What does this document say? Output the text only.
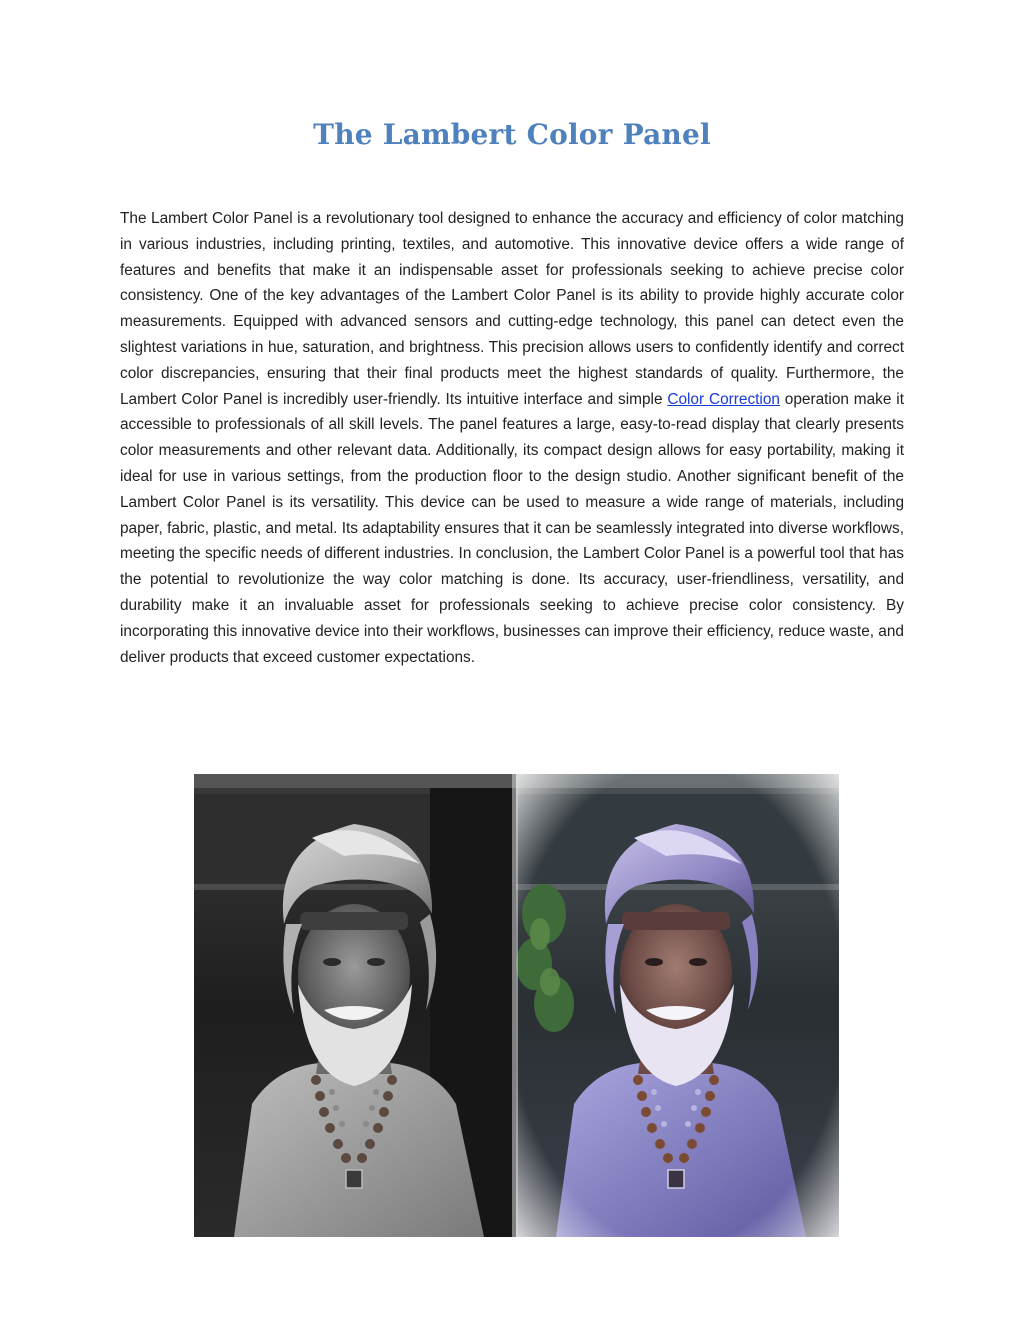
The Lambert Color Panel

The Lambert Color Panel is a revolutionary tool designed to enhance the accuracy and efficiency of color matching in various industries, including printing, textiles, and automotive. This innovative device offers a wide range of features and benefits that make it an indispensable asset for professionals seeking to achieve precise color consistency. One of the key advantages of the Lambert Color Panel is its ability to provide highly accurate color measurements. Equipped with advanced sensors and cutting-edge technology, this panel can detect even the slightest variations in hue, saturation, and brightness. This precision allows users to confidently identify and correct color discrepancies, ensuring that their final products meet the highest standards of quality. Furthermore, the Lambert Color Panel is incredibly user-friendly. Its intuitive interface and simple Color Correction operation make it accessible to professionals of all skill levels. The panel features a large, easy-to-read display that clearly presents color measurements and other relevant data. Additionally, its compact design allows for easy portability, making it ideal for use in various settings, from the production floor to the design studio. Another significant benefit of the Lambert Color Panel is its versatility. This device can be used to measure a wide range of materials, including paper, fabric, plastic, and metal. Its adaptability ensures that it can be seamlessly integrated into diverse workflows, meeting the specific needs of different industries. In conclusion, the Lambert Color Panel is a powerful tool that has the potential to revolutionize the way color matching is done. Its accuracy, user-friendliness, versatility, and durability make it an invaluable asset for professionals seeking to achieve precise color consistency. By incorporating this innovative device into their workflows, businesses can improve their efficiency, reduce waste, and deliver products that exceed customer expectations.
